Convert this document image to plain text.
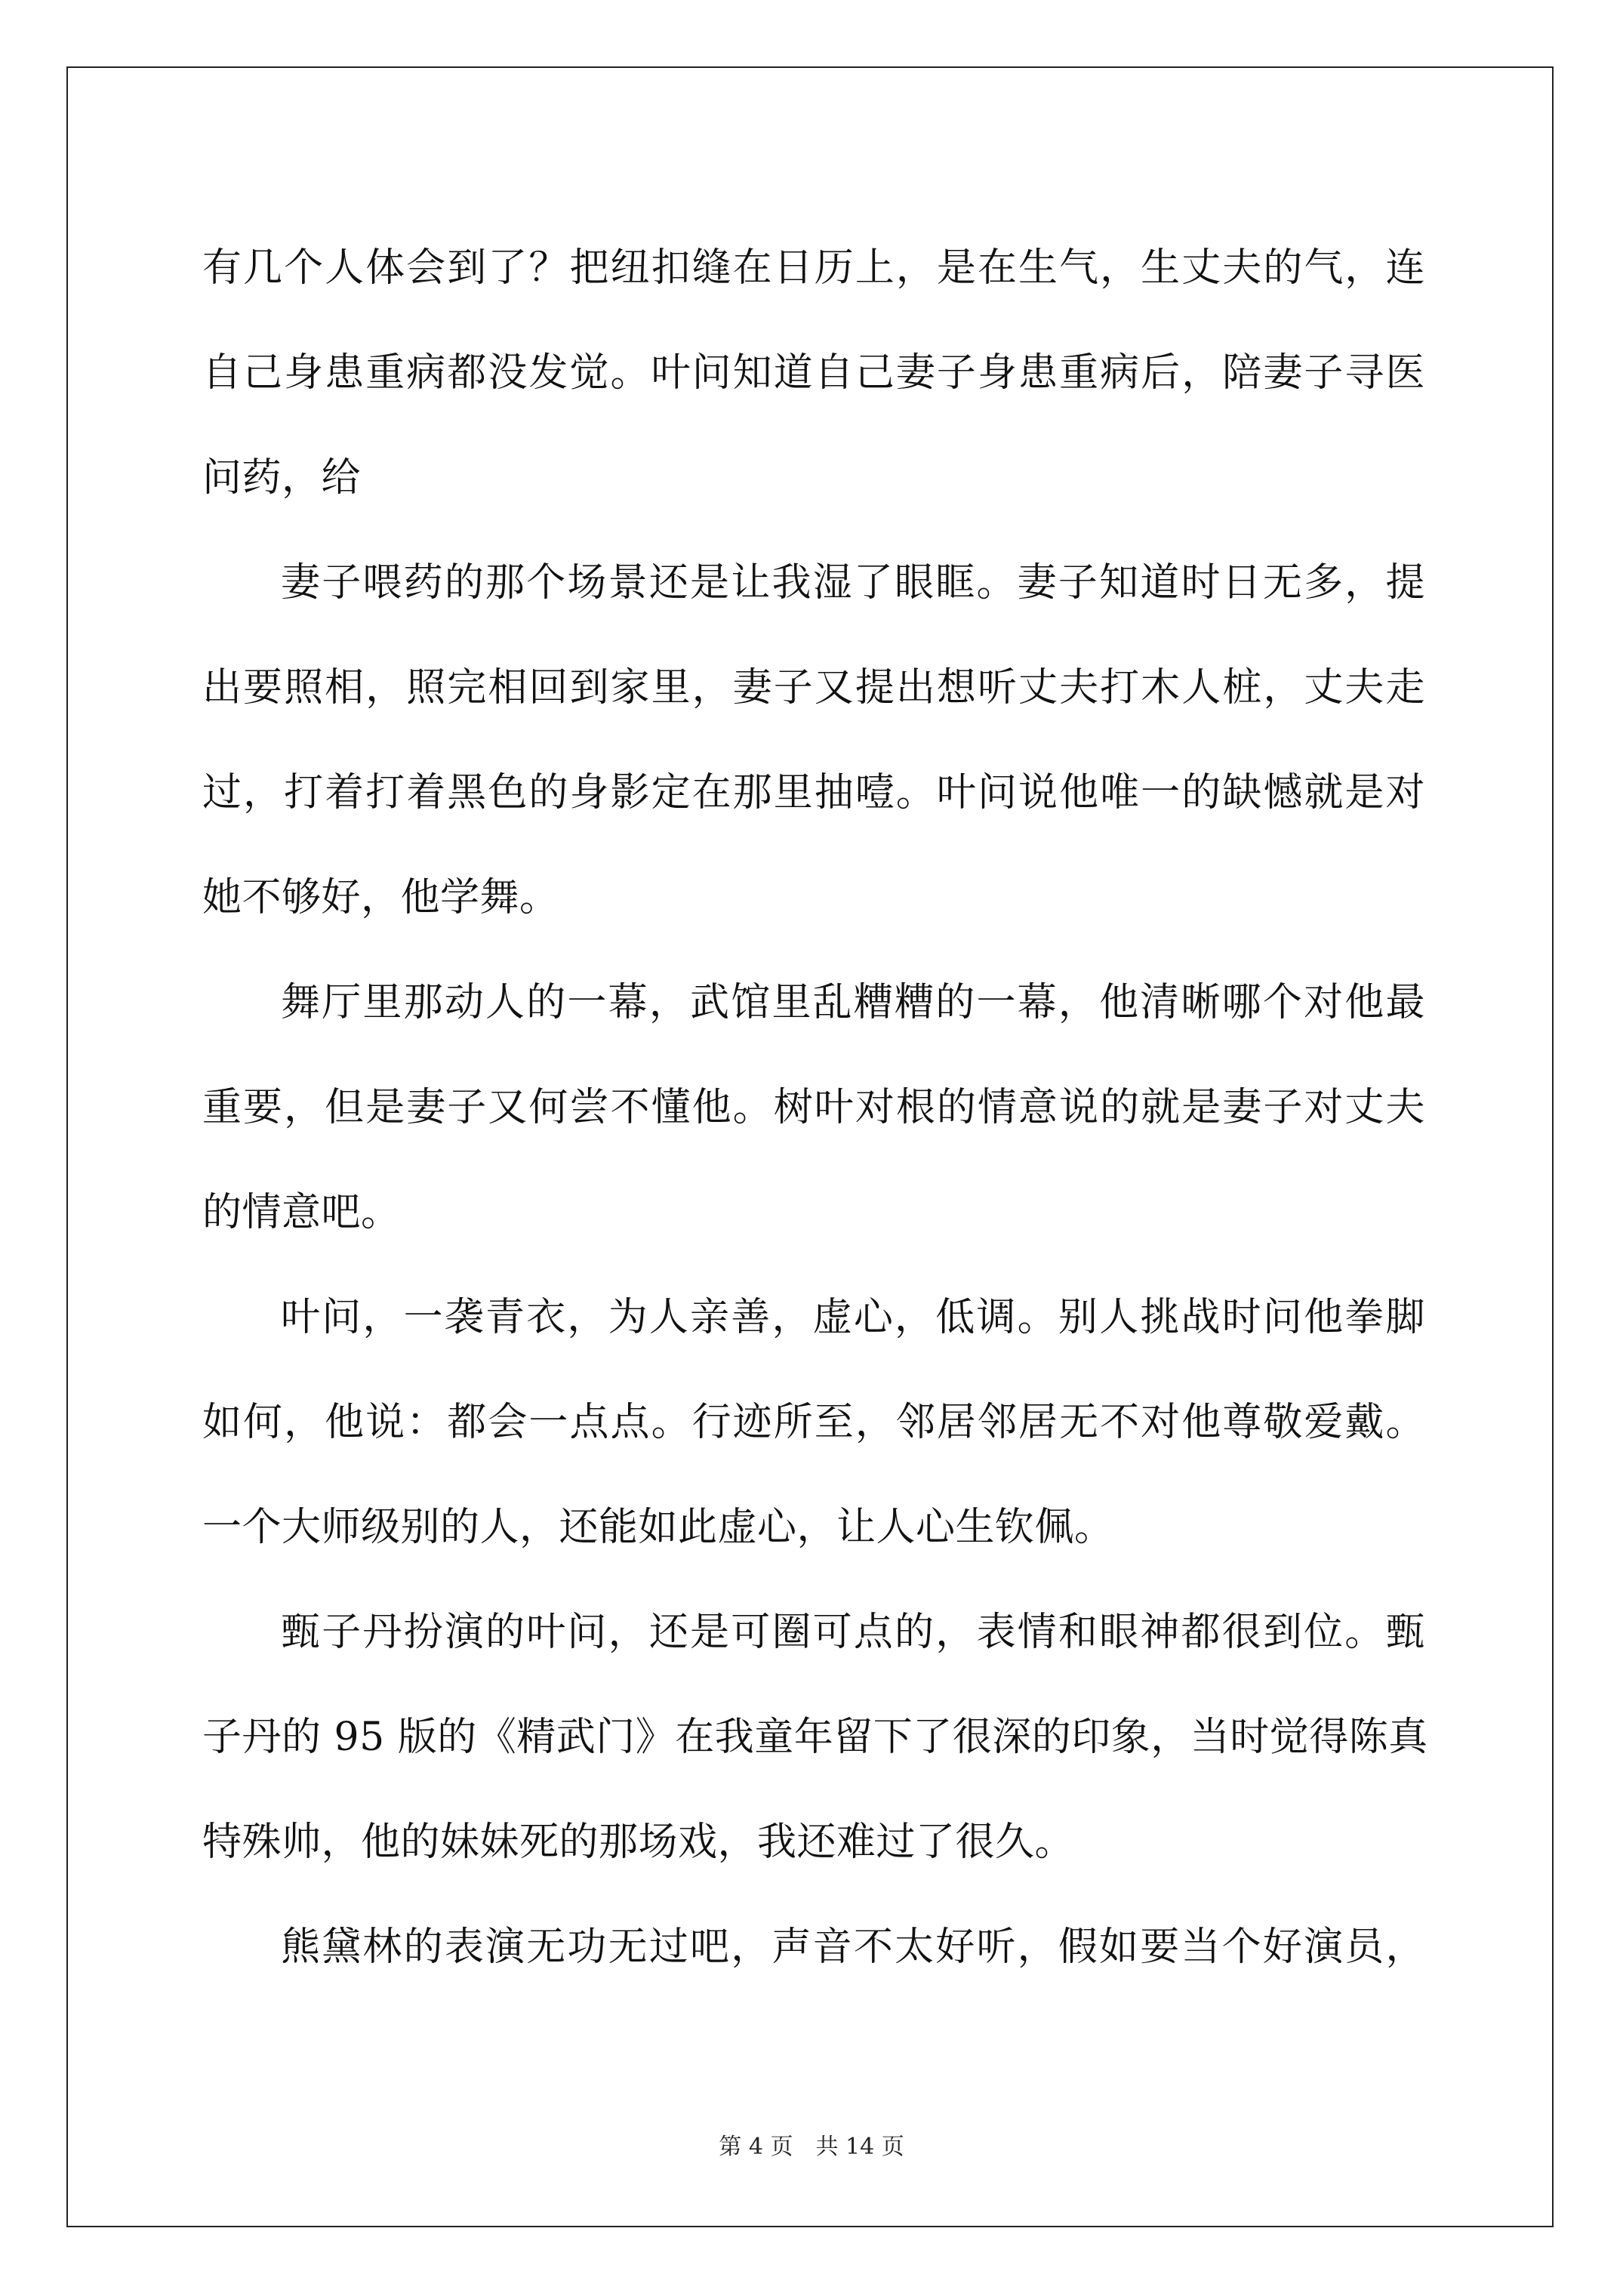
有几个人体会到了？把纽扣缝在日历上，是在生气，生丈夫的气，连
自己身患重病都没发觉。叶问知道自己妻子身患重病后，陪妻子寻医
问药，给
妻子喂药的那个场景还是让我湿了眼眶。妻子知道时日无多，提
出要照相，照完相回到家里，妻子又提出想听丈夫打木人桩，丈夫走
过，打着打着黑色的身影定在那里抽噎。叶问说他唯一的缺憾就是对
她不够好，他学舞。
舞厅里那动人的一幕，武馆里乱糟糟的一幕，他清晰哪个对他最
重要，但是妻子又何尝不懂他。树叶对根的情意说的就是妻子对丈夫
的情意吧。
叶问，一袭青衣，为人亲善，虚心，低调。别人挑战时问他拳脚
如何，他说：都会一点点。行迹所至，邻居邻居无不对他尊敬爱戴。
一个大师级别的人，还能如此虚心，让人心生钦佩。
甄子丹扮演的叶问，还是可圈可点的，表情和眼神都很到位。甄
子丹的 95 版的《精武门》在我童年留下了很深的印象，当时觉得陈真
特殊帅，他的妹妹死的那场戏，我还难过了很久。
熊黛林的表演无功无过吧，声音不太好听，假如要当个好演员，
第 4 页　共 14 页
